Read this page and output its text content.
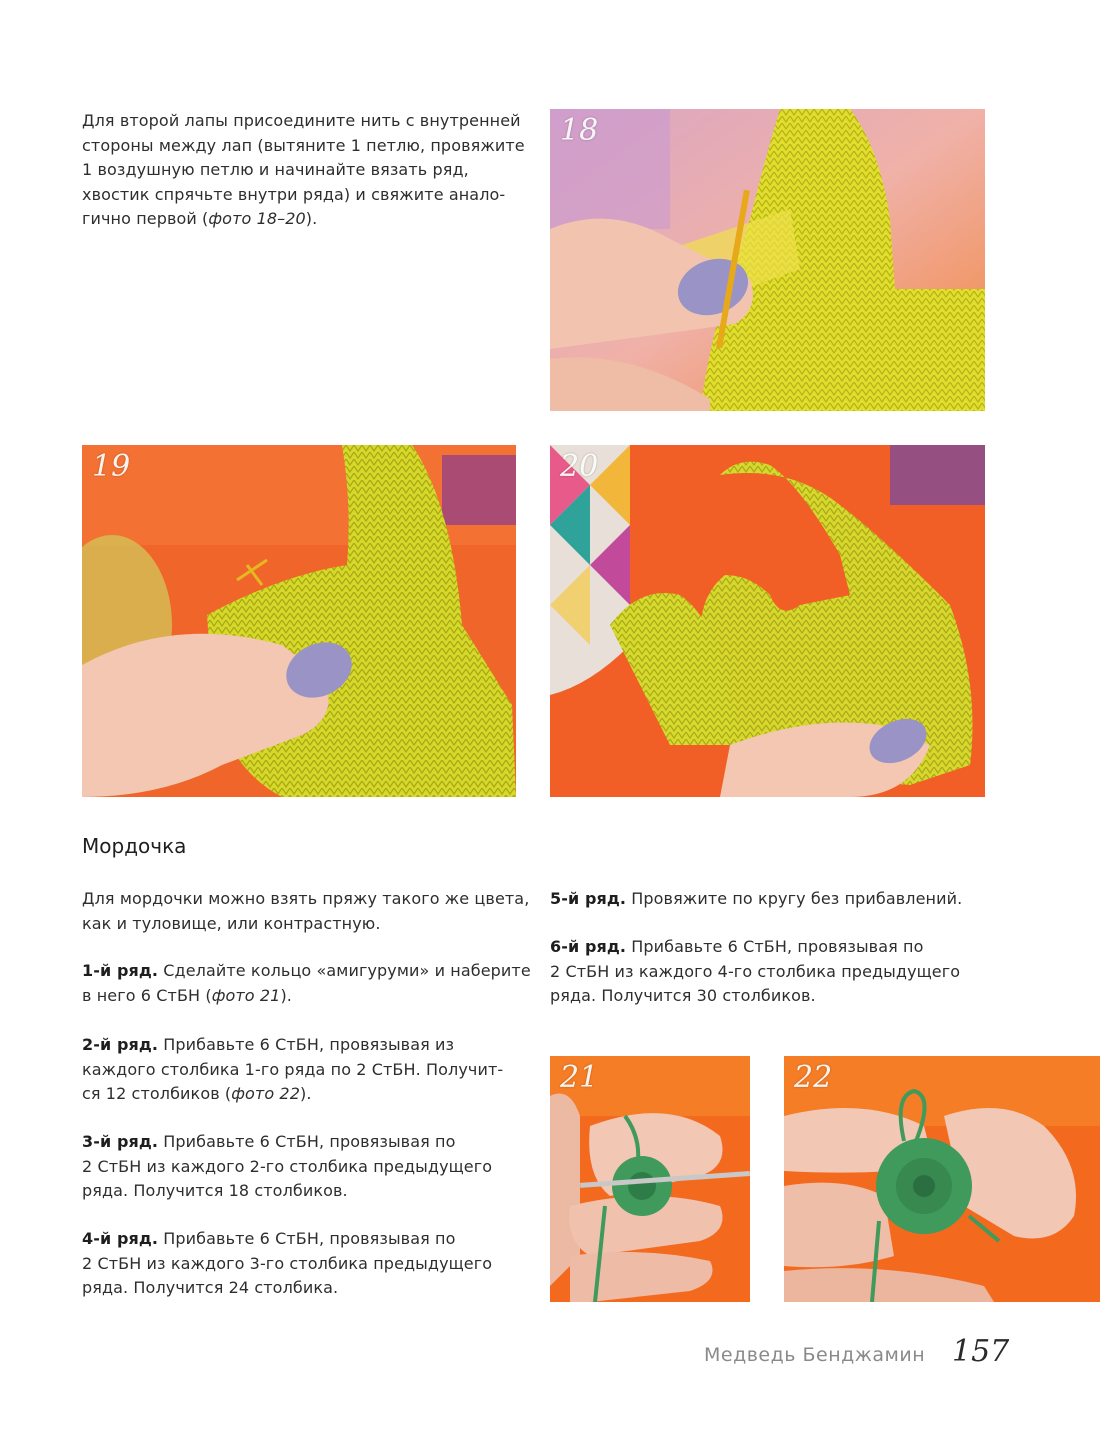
Для второй лапы присоедините нить с внутренней
стороны между лап (вытяните 1 петлю, провяжите
1 воздушную петлю и начинайте вязать ряд,
хвостик спрячьте внутри ряда) и свяжите анало-
гично первой (фото 18–20).
18
19	20
Мордочка
Для мордочки можно взять пряжу такого же цвета,
как и туловище, или контрастную.
1-й ряд. Сделайте кольцо «амигуруми» и наберите
в него 6 СтБН (фото 21).
2-й ряд. Прибавьте 6 СтБН, провязывая из
каждого столбика 1-го ряда по 2 СтБН. Получит-
ся 12 столбиков (фото 22).
3-й ряд. Прибавьте 6 СтБН, провязывая по
2 СтБН из каждого 2-го столбика предыдущего
ряда. Получится 18 столбиков.
4-й ряд. Прибавьте 6 СтБН, провязывая по
2 СтБН из каждого 3-го столбика предыдущего
ряда. Получится 24 столбика.
5-й ряд. Провяжите по кругу без прибавлений.
6-й ряд. Прибавьте 6 СтБН, провязывая по
2 СтБН из каждого 4-го столбика предыдущего
ряда. Получится 30 столбиков.
21	22
Медведь Бенджамин 157
